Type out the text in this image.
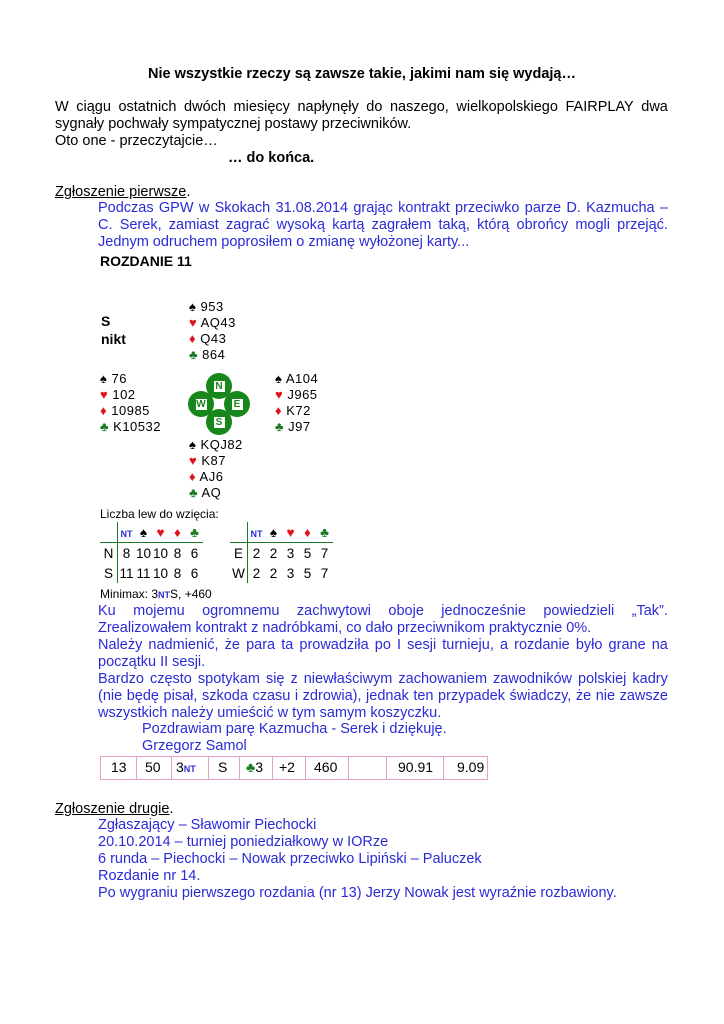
Nie wszystkie rzeczy są zawsze takie, jakimi nam się wydają…
W ciągu ostatnich dwóch miesięcy napłynęły do naszego, wielkopolskiego FAIRPLAY dwa
sygnały pochwały sympatycznej postawy przeciwników.
Oto one - przeczytajcie…
… do końca.
Zgłoszenie pierwsze.
Podczas GPW w Skokach 31.08.2014 grając kontrakt przeciwko parze D. Kazmucha –
C. Serek, zamiast zagrać wysoką kartą zagrałem taką, którą obrońcy mogli przejąć.
Jednym odruchem poprosiłem o zmianę wyłożonej karty...
ROZDANIE 11
S
nikt
♠ 953
♥ AQ43
♦ Q43
♣ 864
♠ 76
♥ 102
♦ 10985
♣ K10532
N
W	E
S
♠ A104
♥ J965
♦ K72
♣ J97
♠ KQJ82
♥ K87
♦ AJ6
♣ AQ
Liczba lew do wzięcia:
	NT	♠	♥	♦	♣
N	8	10	10	8	6
S	11	11	10	8	6
	NT	♠	♥	♦	♣
E	2	2	3	5	7
W	2	2	3	5	7
Minimax: 3NTS, +460
Ku mojemu ogromnemu zachwytowi oboje jednocześnie powiedzieli „Tak”.
Zrealizowałem kontrakt z nadróbkami, co dało przeciwnikom praktycznie 0%.
Należy nadmienić, że para ta prowadziła po I sesji turnieju, a rozdanie było grane na
początku II sesji.
Bardzo często spotykam się z niewłaściwym zachowaniem zawodników polskiej kadry
(nie będę pisał, szkoda czasu i zdrowia), jednak ten przypadek świadczy, że nie zawsze
wszystkich należy umieścić w tym samym koszyczku.
Pozdrawiam parę Kazmucha - Serek i dziękuję.
Grzegorz Samol
13 50 3NT S ♣3 +2 460	90.91 9.09
Zgłoszenie drugie.
Zgłaszający – Sławomir Piechocki
20.10.2014 – turniej poniedziałkowy w IORze
6 runda – Piechocki – Nowak przeciwko Lipiński – Paluczek
Rozdanie nr 14.
Po wygraniu pierwszego rozdania (nr 13) Jerzy Nowak jest wyraźnie rozbawiony.
